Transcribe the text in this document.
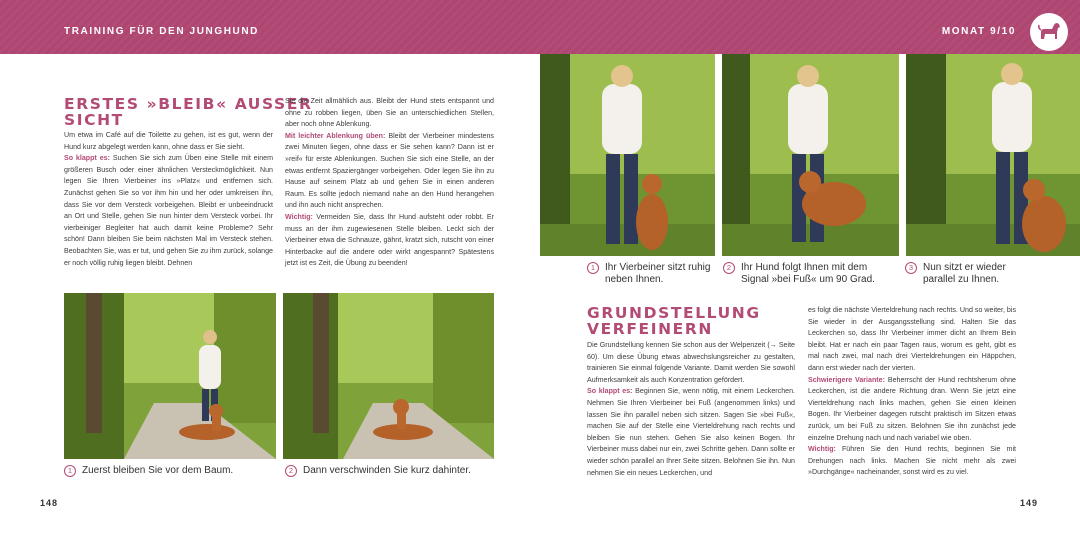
TRAINING FÜR DEN JUNGHUND	MONAT 9/10
ERSTES »BLEIB« AUSSER
SICHT

Um etwa im Café auf die Toilette zu gehen, ist es gut, wenn der Hund kurz abgelegt werden kann, ohne dass er Sie sieht.

So klappt es: Suchen Sie sich zum Üben eine Stelle mit einem größeren Busch oder einer ähnlichen Versteckmöglichkeit. Nun legen Sie Ihren Vierbeiner ins »Platz« und entfernen sich. Zunächst gehen Sie so vor ihm hin und her oder umkreisen ihn, dass Sie vor dem Versteck vorbeigehen. Bleibt er unbeeindruckt an Ort und Stelle, gehen Sie nun hinter dem Versteck vorbei. Ihr vierbeiniger Begleiter hat auch damit keine Probleme? Sehr schön! Dann bleiben Sie beim nächsten Mal im Versteck stehen. Beobachten Sie, was er tut, und gehen Sie zu ihm zurück, solange er noch völlig ruhig liegen bleibt. Dehnen

Sie die Zeit allmählich aus. Bleibt der Hund stets entspannt und ohne zu robben liegen, üben Sie an unterschiedlichen Stellen, aber noch ohne Ablenkung.

Mit leichter Ablenkung üben: Bleibt der Vierbeiner mindestens zwei Minuten liegen, ohne dass er Sie sehen kann? Dann ist er »reif« für erste Ablenkungen. Suchen Sie sich eine Stelle, an der etwas entfernt Spaziergänger vorbeigehen. Oder legen Sie ihn zu Hause auf seinem Platz ab und gehen Sie in einen anderen Raum. Es sollte jedoch niemand nahe an den Hund herangehen und ihn auch nicht ansprechen.

Wichtig: Vermeiden Sie, dass Ihr Hund aufsteht oder robbt. Er muss an der ihm zugewiesenen Stelle bleiben. Leckt sich der Vierbeiner etwa die Schnauze, gähnt, kratzt sich, rutscht von einer Hinterbacke auf die andere oder wirkt angespannt? Spätestens jetzt ist es Zeit, die Übung zu beenden!

1 Zuerst bleiben Sie vor dem Baum.	2 Dann verschwinden Sie kurz dahinter.
148
1 Ihr Vierbeiner sitzt ruhig
neben Ihnen.
2 Ihr Hund folgt Ihnen mit dem
Signal »bei Fuß« um 90 Grad.
3 Nun sitzt er wieder
parallel zu Ihnen.
GRUNDSTELLUNG
VERFEINERN

Die Grundstellung kennen Sie schon aus der Welpenzeit (→ Seite 60). Um diese Übung etwas abwechslungsreicher zu gestalten, trainieren Sie einmal folgende Variante. Damit werden Sie sowohl Aufmerksamkeit als auch Konzentration gefördert.

So klappt es: Beginnen Sie, wenn nötig, mit einem Leckerchen. Nehmen Sie Ihren Vierbeiner bei Fuß (angenommen links) und lassen Sie ihn parallel neben sich sitzen. Sagen Sie »bei Fuß«, machen Sie auf der Stelle eine Vierteldrehung nach rechts und bleiben Sie nun stehen. Gehen Sie also keinen Bogen. Ihr Vierbeiner muss dabei nur ein, zwei Schritte gehen. Dann sollte er wieder schön parallel an Ihrer Seite sitzen. Belohnen Sie ihn. Nun nehmen Sie ein neues Leckerchen, und

es folgt die nächste Vierteldrehung nach rechts. Und so weiter, bis Sie wieder in der Ausgangsstellung sind. Halten Sie das Leckerchen so, dass Ihr Vierbeiner immer dicht an Ihrem Bein bleibt. Hat er nach ein paar Tagen raus, worum es geht, gibt es mal nach zwei, mal nach drei Vierteldrehungen ein Häppchen, dann erst wieder nach der vierten.

Schwierigere Variante: Beherrscht der Hund rechtsherum ohne Leckerchen, ist die andere Richtung dran. Wenn Sie jetzt eine Vierteldrehung nach links machen, gehen Sie einen kleinen Bogen. Ihr Vierbeiner dagegen rutscht praktisch im Sitzen etwas zurück, um bei Fuß zu sitzen. Belohnen Sie ihn zunächst jede einzelne Drehung nach und nach variabel wie oben.

Wichtig: Führen Sie den Hund rechts, beginnen Sie mit Drehungen nach links. Machen Sie nicht mehr als zwei »Durchgänge« nacheinander, sonst wird es zu viel.

149
